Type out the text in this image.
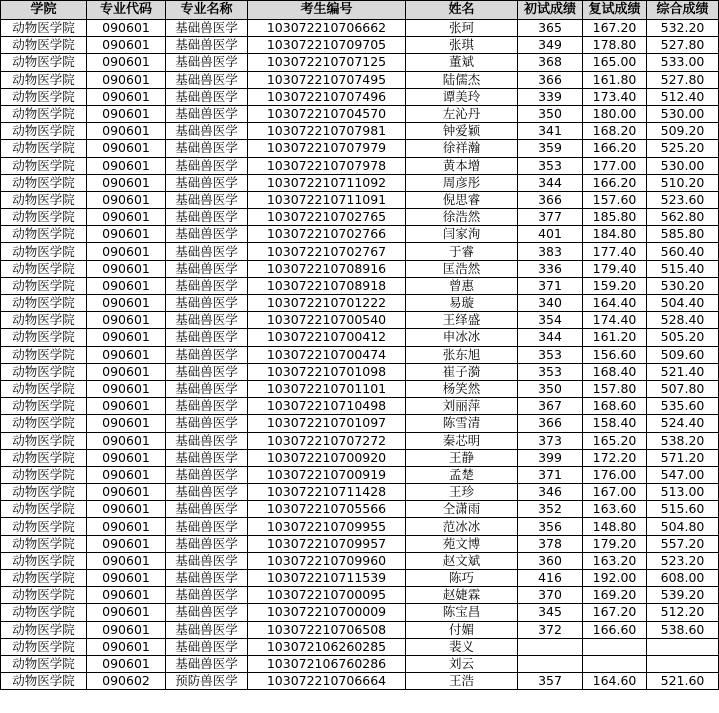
学院	专业代码	专业名称	考生编号	姓名	初试成绩	复试成绩	综合成绩
动物医学院	090601	基础兽医学	103072210706662	张珂	365	167.20	532.20
动物医学院	090601	基础兽医学	103072210709705	张琪	349	178.80	527.80
动物医学院	090601	基础兽医学	103072210707125	董斌	368	165.00	533.00
动物医学院	090601	基础兽医学	103072210707495	陆儒杰	366	161.80	527.80
动物医学院	090601	基础兽医学	103072210707496	谭美玲	339	173.40	512.40
动物医学院	090601	基础兽医学	103072210704570	左沁丹	350	180.00	530.00
动物医学院	090601	基础兽医学	103072210707981	钟爱颖	341	168.20	509.20
动物医学院	090601	基础兽医学	103072210707979	徐祥瀚	359	166.20	525.20
动物医学院	090601	基础兽医学	103072210707978	黄本增	353	177.00	530.00
动物医学院	090601	基础兽医学	103072210711092	周彦彤	344	166.20	510.20
动物医学院	090601	基础兽医学	103072210711091	倪思睿	366	157.60	523.60
动物医学院	090601	基础兽医学	103072210702765	徐浩然	377	185.80	562.80
动物医学院	090601	基础兽医学	103072210702766	闫家洵	401	184.80	585.80
动物医学院	090601	基础兽医学	103072210702767	于睿	383	177.40	560.40
动物医学院	090601	基础兽医学	103072210708916	匡浩然	336	179.40	515.40
动物医学院	090601	基础兽医学	103072210708918	曾惠	371	159.20	530.20
动物医学院	090601	基础兽医学	103072210701222	易璇	340	164.40	504.40
动物医学院	090601	基础兽医学	103072210700540	王绎盛	354	174.40	528.40
动物医学院	090601	基础兽医学	103072210700412	申冰冰	344	161.20	505.20
动物医学院	090601	基础兽医学	103072210700474	张东旭	353	156.60	509.60
动物医学院	090601	基础兽医学	103072210701098	崔子漪	353	168.40	521.40
动物医学院	090601	基础兽医学	103072210701101	杨笑然	350	157.80	507.80
动物医学院	090601	基础兽医学	103072210710498	刘丽萍	367	168.60	535.60
动物医学院	090601	基础兽医学	103072210701097	陈雪清	366	158.40	524.40
动物医学院	090601	基础兽医学	103072210707272	秦芯明	373	165.20	538.20
动物医学院	090601	基础兽医学	103072210700920	王静	399	172.20	571.20
动物医学院	090601	基础兽医学	103072210700919	孟楚	371	176.00	547.00
动物医学院	090601	基础兽医学	103072210711428	王珍	346	167.00	513.00
动物医学院	090601	基础兽医学	103072210705566	仝潇雨	352	163.60	515.60
动物医学院	090601	基础兽医学	103072210709955	范冰冰	356	148.80	504.80
动物医学院	090601	基础兽医学	103072210709957	苑文博	378	179.20	557.20
动物医学院	090601	基础兽医学	103072210709960	赵文斌	360	163.20	523.20
动物医学院	090601	基础兽医学	103072210711539	陈巧	416	192.00	608.00
动物医学院	090601	基础兽医学	103072210700095	赵婕霖	370	169.20	539.20
动物医学院	090601	基础兽医学	103072210700009	陈宝昌	345	167.20	512.20
动物医学院	090601	基础兽医学	103072210706508	付媚	372	166.60	538.60
动物医学院	090601	基础兽医学	103072106260285	裴义			
动物医学院	090601	基础兽医学	103072106760286	刘云			
动物医学院	090602	预防兽医学	103072210706664	王浩	357	164.60	521.60
